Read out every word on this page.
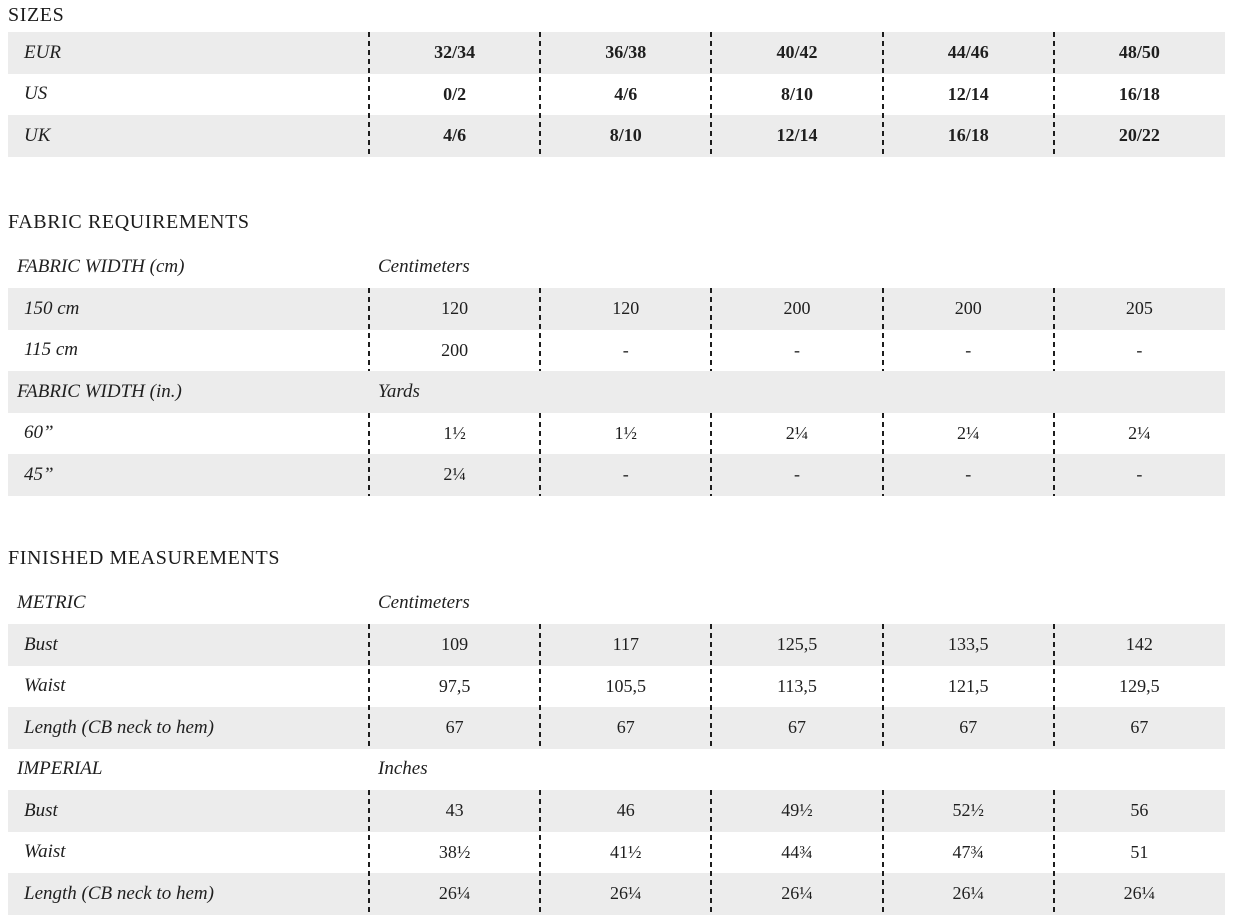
SIZES
EUR	32/34	36/38	40/42	44/46	48/50
US	0/2	4/6	8/10	12/14	16/18
UK	4/6	8/10	12/14	16/18	20/22
FABRIC REQUIREMENTS
FABRIC WIDTH (cm)	Centimeters
150 cm	120	120	200	200	205
115 cm	200	-	-	-	-
FABRIC WIDTH (in.)	Yards
60”	1½	1½	2¼	2¼	2¼
45”	2¼	-	-	-	-
FINISHED MEASUREMENTS
METRIC	Centimeters
Bust	109	117	125,5	133,5	142
Waist	97,5	105,5	113,5	121,5	129,5
Length (CB neck to hem)	67	67	67	67	67
IMPERIAL	Inches
Bust	43	46	49½	52½	56
Waist	38½	41½	44¾	47¾	51
Length (CB neck to hem)	26¼	26¼	26¼	26¼	26¼
